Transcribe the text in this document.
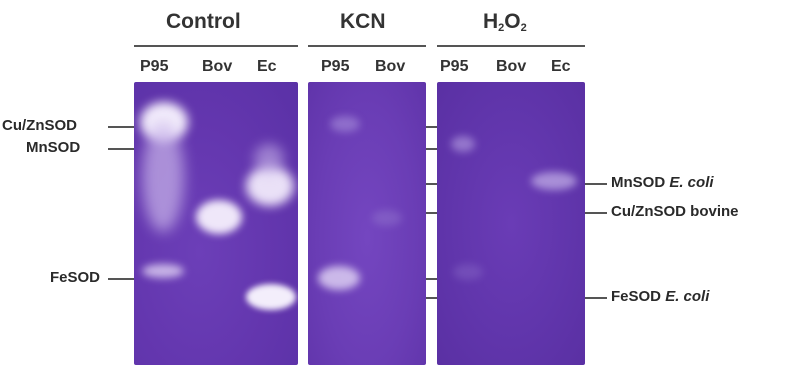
Control	KCN	$H_2O_2$
P95 Bov Ec	P95 Bov P95 Bov Ec
Cu/ZnSOD
MnSOD
FeSOD
MnSOD E. coli
Cu/ZnSOD bovine
FeSOD E. coli
